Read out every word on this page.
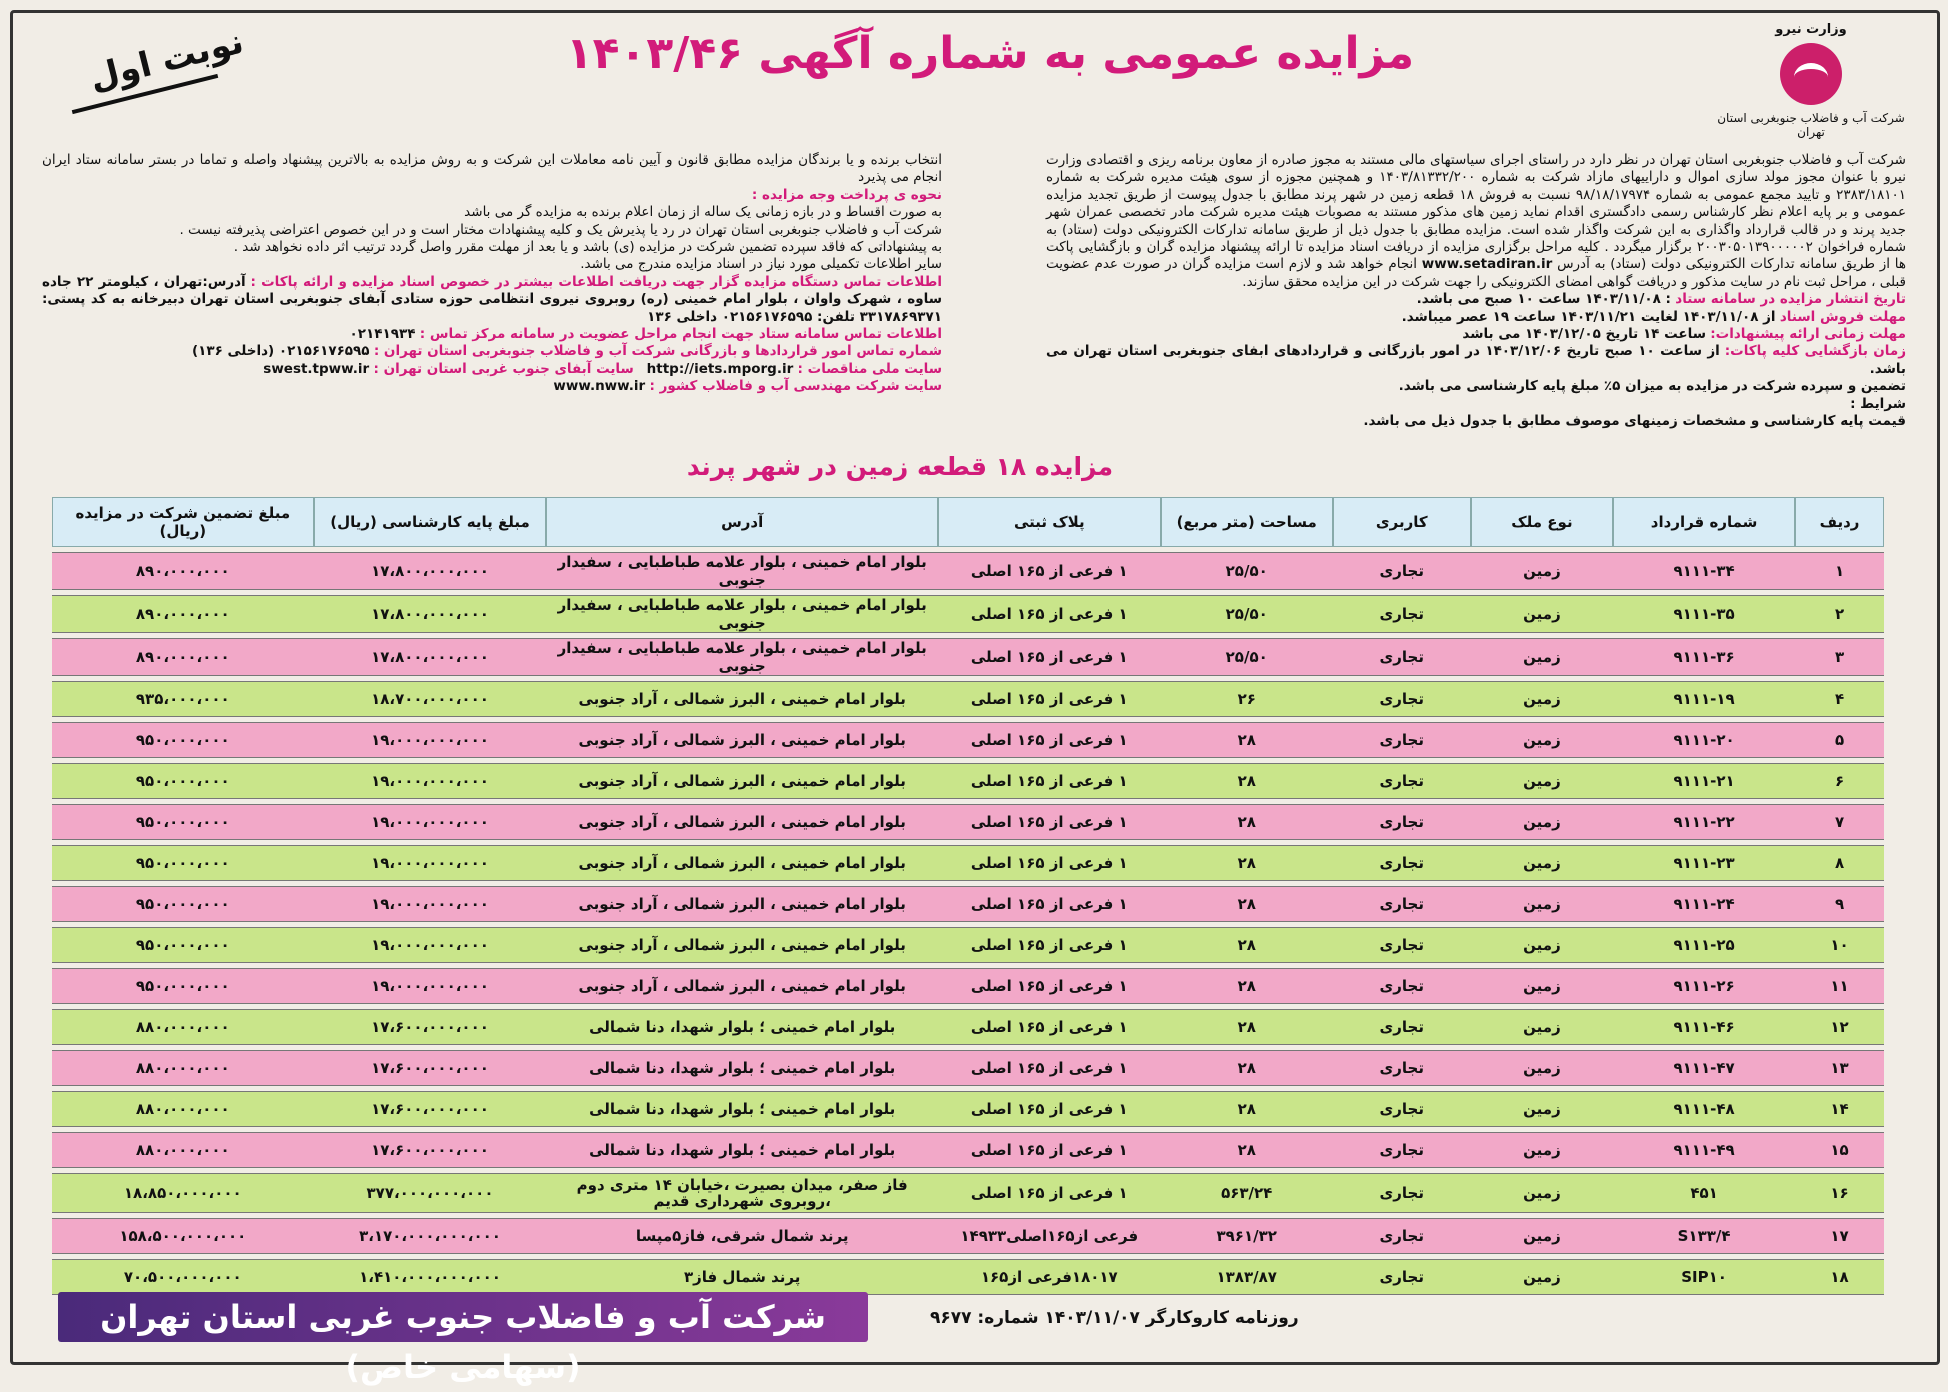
وزارت نیرو
شرکت آب و فاضلاب جنوبغربی استان تهران
مزایده عمومی به شماره آگهی ۱۴۰۳/۴۶
نوبت اول

شرکت آب و فاضلاب جنوبغربی استان تهران در نظر دارد در راستای اجرای سیاستهای مالی مستند به مجوز صادره از معاون برنامه ریزی و اقتصادی وزارت نیرو با عنوان مجوز مولد سازی اموال و داراییهای مازاد شرکت به شماره ۱۴۰۳/۸۱۳۳۲/۲۰۰ و همچنین مجوزه از سوی هیئت مدیره شرکت به شماره ۲۳۸۳/۱۸۱۰۱ و تایید مجمع عمومی به شماره ۹۸/۱۸/۱۷۹۷۴ نسبت به فروش ۱۸ قطعه زمین در شهر پرند مطابق با جدول پیوست از طریق تجدید مزایده عمومی و بر پایه اعلام نظر کارشناس رسمی دادگستری اقدام نماید زمین های مذکور مستند به مصوبات هیئت مدیره شرکت مادر تخصصی عمران شهر جدید پرند و در قالب قرارداد واگذاری به این شرکت واگذار شده است. مزایده مطابق با جدول ذیل از طریق سامانه تدارکات الکترونیکی دولت (ستاد) به شماره فراخوان ۲۰۰۳۰۵۰۱۳۹۰۰۰۰۰۲ برگزار میگردد . کلیه مراحل برگزاری مزایده از دریافت اسناد مزایده تا ارائه پیشنهاد مزایده گران و بازگشایی پاکت ها از طریق سامانه تدارکات الکترونیکی دولت (ستاد) به آدرس www.setadiran.ir انجام خواهد شد و لازم است مزایده گران در صورت عدم عضویت قبلی ، مراحل ثبت نام در سایت مذکور و دریافت گواهی امضای الکترونیکی را جهت شرکت در این مزایده محقق سازند.

تاریخ انتشار مزایده در سامانه ستاد : ۱۴۰۳/۱۱/۰۸ ساعت ۱۰ صبح می باشد.

مهلت فروش اسناد از ۱۴۰۳/۱۱/۰۸ لغایت ۱۴۰۳/۱۱/۲۱ ساعت ۱۹ عصر میباشد.

مهلت زمانی ارائه پیشنهادات: ساعت ۱۴ تاریخ ۱۴۰۳/۱۲/۰۵ می باشد

زمان بازگشایی کلیه پاکات: از ساعت ۱۰ صبح تاریخ ۱۴۰۳/۱۲/۰۶ در امور بازرگانی و قراردادهای ابفای جنوبغربی استان تهران می باشد.

تضمین و سپرده شرکت در مزایده به میزان ۵٪ مبلغ پایه کارشناسی می باشد.

شرایط :

قیمت پایه کارشناسی و مشخصات زمینهای موصوف مطابق با جدول ذیل می باشد.

انتخاب برنده و یا برندگان مزایده مطابق قانون و آیین نامه معاملات این شرکت و به روش مزایده به بالاترین پیشنهاد واصله و تماما در بستر سامانه ستاد ایران انجام می پذیرد

نحوه ی پرداخت وجه مزایده :

به صورت اقساط و در بازه زمانی یک ساله از زمان اعلام برنده به مزایده گر می باشد

شرکت آب و فاضلاب جنوبغربی استان تهران در رد یا پذیرش یک و کلیه پیشنهادات مختار است و در این خصوص اعتراضی پذیرفته نیست .

به پیشنهاداتی که فاقد سپرده تضمین شرکت در مزایده (ی) باشد و یا بعد از مهلت مقرر واصل گردد ترتیب اثر داده نخواهد شد .

سایر اطلاعات تکمیلی مورد نیاز در اسناد مزایده مندرج می باشد.

اطلاعات تماس دستگاه مزایده گزار جهت دریافت اطلاعات بیشتر در خصوص اسناد مزایده و ارائه پاکات : آدرس:تهران ، کیلومتر ۲۲ جاده ساوه ، شهرک واوان ، بلوار امام خمینی (ره) روبروی نیروی انتظامی حوزه ستادی آبفای جنوبغربی استان تهران دبیرخانه به کد پستی: ۳۳۱۷۸۶۹۳۷۱ تلفن: ۰۲۱۵۶۱۷۶۵۹۵ داخلی ۱۳۶

اطلاعات تماس سامانه ستاد جهت انجام مراحل عضویت در سامانه مرکز تماس : ۰۲۱۴۱۹۳۴

شماره تماس امور قراردادها و بازرگانی شرکت آب و فاضلاب جنوبغربی استان تهران : ۰۲۱۵۶۱۷۶۵۹۵ (داخلی ۱۳۶)

سایت ملی مناقصات : http://iets.mporg.ir   سایت آبفای جنوب غربی استان تهران : swest.tpww.ir

سایت شرکت مهندسی آب و فاضلاب کشور : www.nww.ir

مزایده ۱۸ قطعه زمین در شهر پرند
ردیف	شماره قرارداد	نوع ملک	کاربری	مساحت (متر مربع)	پلاک ثبتی	آدرس	مبلغ پایه کارشناسی (ریال)	مبلغ تضمین شرکت در مزایده (ریال)
۱	۹۱۱۱-۳۴	زمین	تجاری	۲۵/۵۰	۱ فرعی از ۱۶۵ اصلی	بلوار امام خمینی ، بلوار علامه طباطبایی ، سفیدار جنوبی	۱۷،۸۰۰،۰۰۰،۰۰۰	۸۹۰،۰۰۰،۰۰۰
۲	۹۱۱۱-۳۵	زمین	تجاری	۲۵/۵۰	۱ فرعی از ۱۶۵ اصلی	بلوار امام خمینی ، بلوار علامه طباطبایی ، سفیدار جنوبی	۱۷،۸۰۰،۰۰۰،۰۰۰	۸۹۰،۰۰۰،۰۰۰
۳	۹۱۱۱-۳۶	زمین	تجاری	۲۵/۵۰	۱ فرعی از ۱۶۵ اصلی	بلوار امام خمینی ، بلوار علامه طباطبایی ، سفیدار جنوبی	۱۷،۸۰۰،۰۰۰،۰۰۰	۸۹۰،۰۰۰،۰۰۰
۴	۹۱۱۱-۱۹	زمین	تجاری	۲۶	۱ فرعی از ۱۶۵ اصلی	بلوار امام خمینی ، البرز شمالی ، آراد جنوبی	۱۸،۷۰۰،۰۰۰،۰۰۰	۹۳۵،۰۰۰،۰۰۰
۵	۹۱۱۱-۲۰	زمین	تجاری	۲۸	۱ فرعی از ۱۶۵ اصلی	بلوار امام خمینی ، البرز شمالی ، آراد جنوبی	۱۹،۰۰۰،۰۰۰،۰۰۰	۹۵۰،۰۰۰،۰۰۰
۶	۹۱۱۱-۲۱	زمین	تجاری	۲۸	۱ فرعی از ۱۶۵ اصلی	بلوار امام خمینی ، البرز شمالی ، آراد جنوبی	۱۹،۰۰۰،۰۰۰،۰۰۰	۹۵۰،۰۰۰،۰۰۰
۷	۹۱۱۱-۲۲	زمین	تجاری	۲۸	۱ فرعی از ۱۶۵ اصلی	بلوار امام خمینی ، البرز شمالی ، آراد جنوبی	۱۹،۰۰۰،۰۰۰،۰۰۰	۹۵۰،۰۰۰،۰۰۰
۸	۹۱۱۱-۲۳	زمین	تجاری	۲۸	۱ فرعی از ۱۶۵ اصلی	بلوار امام خمینی ، البرز شمالی ، آراد جنوبی	۱۹،۰۰۰،۰۰۰،۰۰۰	۹۵۰،۰۰۰،۰۰۰
۹	۹۱۱۱-۲۴	زمین	تجاری	۲۸	۱ فرعی از ۱۶۵ اصلی	بلوار امام خمینی ، البرز شمالی ، آراد جنوبی	۱۹،۰۰۰،۰۰۰،۰۰۰	۹۵۰،۰۰۰،۰۰۰
۱۰	۹۱۱۱-۲۵	زمین	تجاری	۲۸	۱ فرعی از ۱۶۵ اصلی	بلوار امام خمینی ، البرز شمالی ، آراد جنوبی	۱۹،۰۰۰،۰۰۰،۰۰۰	۹۵۰،۰۰۰،۰۰۰
۱۱	۹۱۱۱-۲۶	زمین	تجاری	۲۸	۱ فرعی از ۱۶۵ اصلی	بلوار امام خمینی ، البرز شمالی ، آراد جنوبی	۱۹،۰۰۰،۰۰۰،۰۰۰	۹۵۰،۰۰۰،۰۰۰
۱۲	۹۱۱۱-۴۶	زمین	تجاری	۲۸	۱ فرعی از ۱۶۵ اصلی	بلوار امام خمینی ؛ بلوار شهدا، دنا شمالی	۱۷،۶۰۰،۰۰۰،۰۰۰	۸۸۰،۰۰۰،۰۰۰
۱۳	۹۱۱۱-۴۷	زمین	تجاری	۲۸	۱ فرعی از ۱۶۵ اصلی	بلوار امام خمینی ؛ بلوار شهدا، دنا شمالی	۱۷،۶۰۰،۰۰۰،۰۰۰	۸۸۰،۰۰۰،۰۰۰
۱۴	۹۱۱۱-۴۸	زمین	تجاری	۲۸	۱ فرعی از ۱۶۵ اصلی	بلوار امام خمینی ؛ بلوار شهدا، دنا شمالی	۱۷،۶۰۰،۰۰۰،۰۰۰	۸۸۰،۰۰۰،۰۰۰
۱۵	۹۱۱۱-۴۹	زمین	تجاری	۲۸	۱ فرعی از ۱۶۵ اصلی	بلوار امام خمینی ؛ بلوار شهدا، دنا شمالی	۱۷،۶۰۰،۰۰۰،۰۰۰	۸۸۰،۰۰۰،۰۰۰
۱۶	۴۵۱	زمین	تجاری	۵۶۳/۲۴	۱ فرعی از ۱۶۵ اصلی	فاز صفر، میدان بصیرت ،خیابان ۱۴ متری دوم ،روبروی شهرداری قدیم	۳۷۷،۰۰۰،۰۰۰،۰۰۰	۱۸،۸۵۰،۰۰۰،۰۰۰
۱۷	۴/S۱۳۳	زمین	تجاری	۳۹۶۱/۳۲	فرعی از۱۶۵اصلی۱۴۹۳۳	پرند شمال شرقی، فاز۵مپسا	۳،۱۷۰،۰۰۰،۰۰۰،۰۰۰	۱۵۸،۵۰۰،۰۰۰،۰۰۰
۱۸	SIP۱۰	زمین	تجاری	۱۳۸۳/۸۷	۱۸۰۱۷فرعی از۱۶۵	پرند شمال فاز۳	۱،۴۱۰،۰۰۰،۰۰۰،۰۰۰	۷۰،۵۰۰،۰۰۰،۰۰۰
شرکت آب و فاضلاب جنوب غربی استان تهران (سهامی خاص)
روزنامه کاروکارگر ۱۴۰۳/۱۱/۰۷ شماره: ۹۶۷۷
